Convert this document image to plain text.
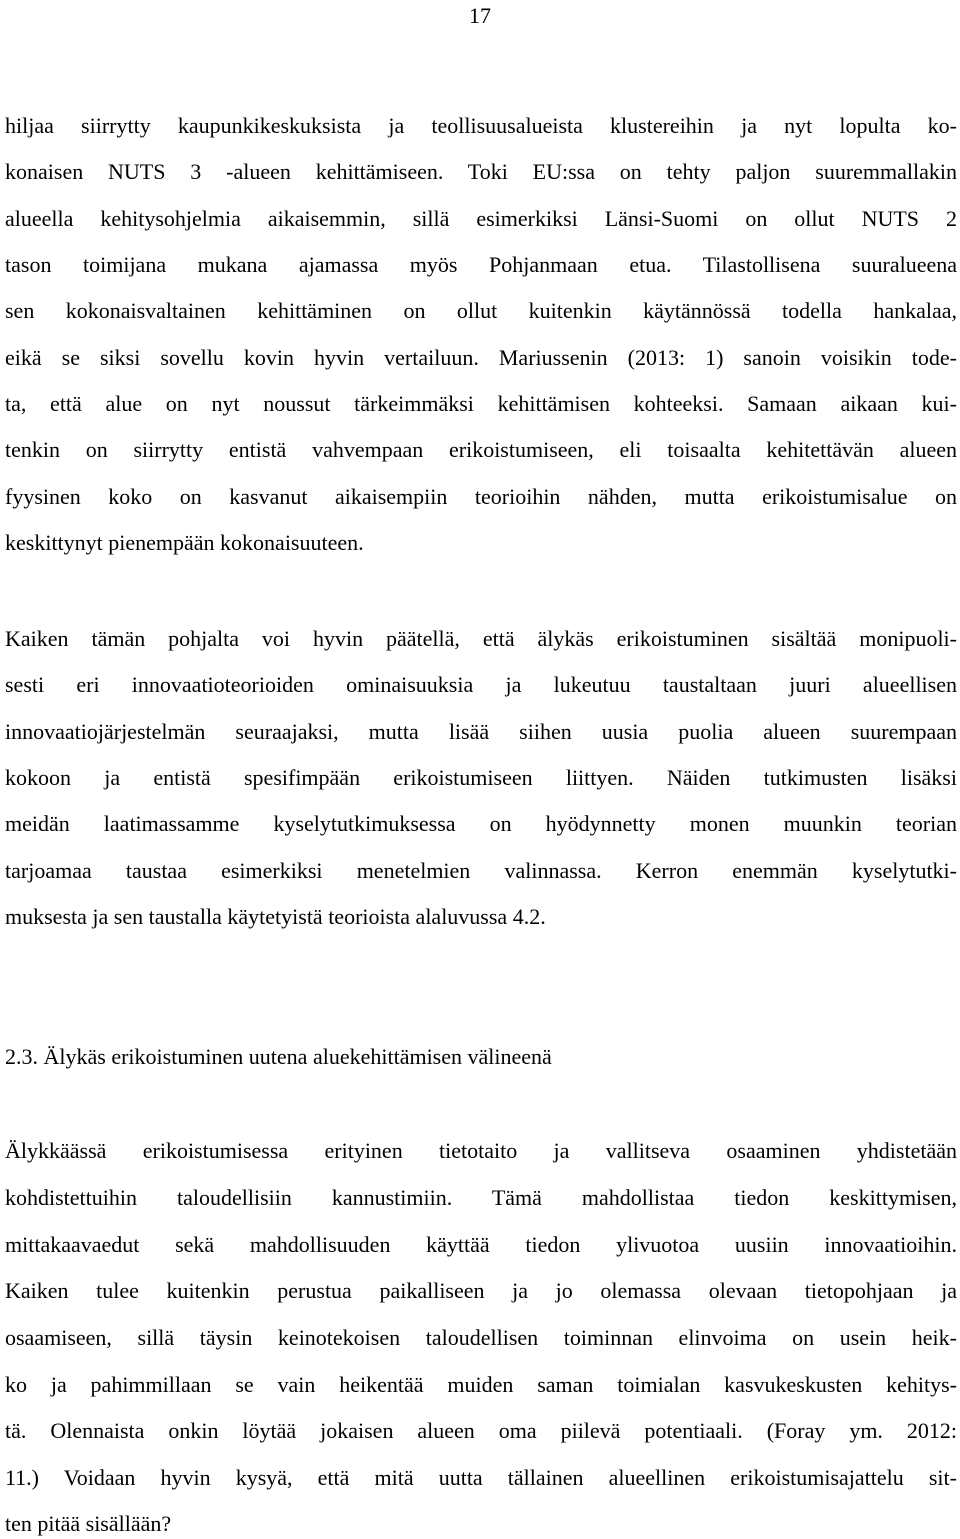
17
hiljaa siirrytty kaupunkikeskuksista ja teollisuusalueista klustereihin ja nyt lopulta ko-
konaisen NUTS 3 -alueen kehittämiseen. Toki EU:ssa on tehty paljon suuremmallakin
alueella kehitysohjelmia aikaisemmin, sillä esimerkiksi Länsi-Suomi on ollut NUTS 2
tason toimijana mukana ajamassa myös Pohjanmaan etua. Tilastollisena suuralueena
sen kokonaisvaltainen kehittäminen on ollut kuitenkin käytännössä todella hankalaa,
eikä se siksi sovellu kovin hyvin vertailuun. Mariussenin (2013: 1) sanoin voisikin tode-
ta, että alue on nyt noussut tärkeimmäksi kehittämisen kohteeksi. Samaan aikaan kui-
tenkin on siirrytty entistä vahvempaan erikoistumiseen, eli toisaalta kehitettävän alueen
fyysinen koko on kasvanut aikaisempiin teorioihin nähden, mutta erikoistumisalue on
keskittynyt pienempään kokonaisuuteen.
Kaiken tämän pohjalta voi hyvin päätellä, että älykäs erikoistuminen sisältää monipuoli-
sesti eri innovaatioteorioiden ominaisuuksia ja lukeutuu taustaltaan juuri alueellisen
innovaatiojärjestelmän seuraajaksi, mutta lisää siihen uusia puolia alueen suurempaan
kokoon ja entistä spesifimpään erikoistumiseen liittyen. Näiden tutkimusten lisäksi
meidän laatimassamme kyselytutkimuksessa on hyödynnetty monen muunkin teorian
tarjoamaa taustaa esimerkiksi menetelmien valinnassa. Kerron enemmän kyselytutki-
muksesta ja sen taustalla käytetyistä teorioista alaluvussa 4.2.
2.3. Älykäs erikoistuminen uutena aluekehittämisen välineenä
Älykkäässä erikoistumisessa erityinen tietotaito ja vallitseva osaaminen yhdistetään
kohdistettuihin taloudellisiin kannustimiin. Tämä mahdollistaa tiedon keskittymisen,
mittakaavaedut sekä mahdollisuuden käyttää tiedon ylivuotoa uusiin innovaatioihin.
Kaiken tulee kuitenkin perustua paikalliseen ja jo olemassa olevaan tietopohjaan ja
osaamiseen, sillä täysin keinotekoisen taloudellisen toiminnan elinvoima on usein heik-
ko ja pahimmillaan se vain heikentää muiden saman toimialan kasvukeskusten kehitys-
tä. Olennaista onkin löytää jokaisen alueen oma piilevä potentiaali. (Foray ym. 2012:
11.) Voidaan hyvin kysyä, että mitä uutta tällainen alueellinen erikoistumisajattelu sit-
ten pitää sisällään?
